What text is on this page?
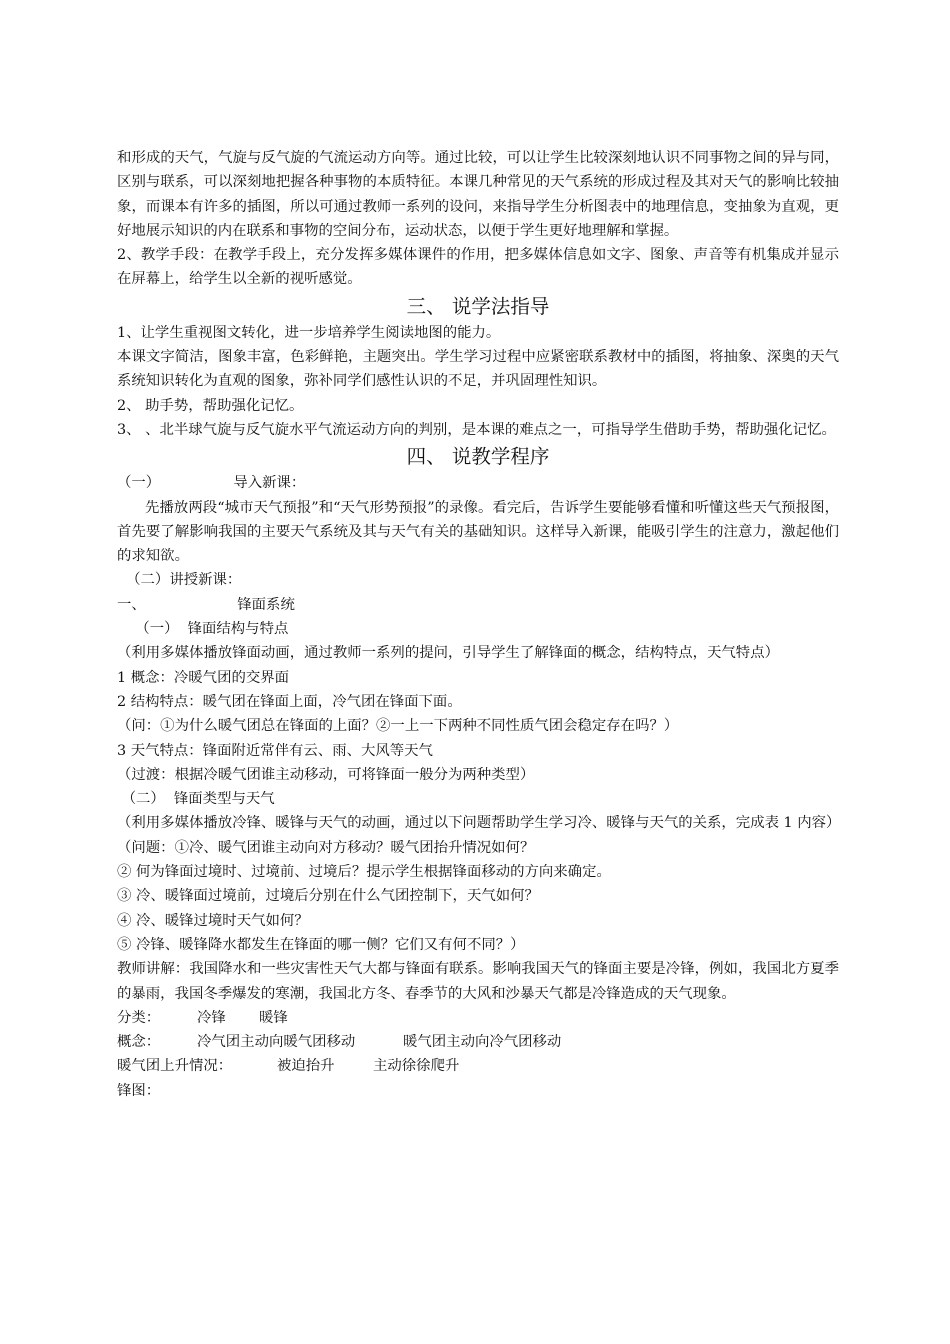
和形成的天气，气旋与反气旋的气流运动方向等。通过比较，可以让学生比较深刻地认识不同事物之间的异与同，区别与联系，可以深刻地把握各种事物的本质特征。本课几种常见的天气系统的形成过程及其对天气的影响比较抽象，而课本有许多的插图，所以可通过教师一系列的设问，来指导学生分析图表中的地理信息，变抽象为直观，更好地展示知识的内在联系和事物的空间分布，运动状态，以便于学生更好地理解和掌握。

2、教学手段：在教学手段上，充分发挥多媒体课件的作用，把多媒体信息如文字、图象、声音等有机集成并显示在屏幕上，给学生以全新的视听感觉。

三、 说学法指导

1、让学生重视图文转化，进一步培养学生阅读地图的能力。

本课文字简洁，图象丰富，色彩鲜艳，主题突出。学生学习过程中应紧密联系教材中的插图，将抽象、深奥的天气系统知识转化为直观的图象，弥补同学们感性认识的不足，并巩固理性知识。

2、 助手势，帮助强化记忆。

3、 、北半球气旋与反气旋水平气流运动方向的判别，是本课的难点之一，可指导学生借助手势，帮助强化记忆。

四、 说教学程序

（一）                导入新课：

先播放两段“城市天气预报”和“天气形势预报”的录像。看完后，告诉学生要能够看懂和听懂这些天气预报图，首先要了解影响我国的主要天气系统及其与天气有关的基础知识。这样导入新课，能吸引学生的注意力，激起他们的求知欲。

（二）讲授新课：

一、                    锋面系统

（一）  锋面结构与特点

（利用多媒体播放锋面动画，通过教师一系列的提问，引导学生了解锋面的概念，结构特点，天气特点）

1 概念：冷暖气团的交界面

2 结构特点：暖气团在锋面上面，冷气团在锋面下面。

（问：①为什么暖气团总在锋面的上面？②一上一下两种不同性质气团会稳定存在吗？）

3 天气特点：锋面附近常伴有云、雨、大风等天气

（过渡：根据冷暖气团谁主动移动，可将锋面一般分为两种类型）

（二）  锋面类型与天气

（利用多媒体播放冷锋、暖锋与天气的动画，通过以下问题帮助学生学习冷、暖锋与天气的关系，完成表 1 内容）

（问题：①冷、暖气团谁主动向对方移动？暖气团抬升情况如何？

② 何为锋面过境时、过境前、过境后？提示学生根据锋面移动的方向来确定。

③ 冷、暖锋面过境前，过境后分别在什么气团控制下，天气如何？

④ 冷、暖锋过境时天气如何？

⑤ 冷锋、暖锋降水都发生在锋面的哪一侧？它们又有何不同？）

教师讲解：我国降水和一些灾害性天气大都与锋面有联系。影响我国天气的锋面主要是冷锋，例如，我国北方夏季的暴雨，我国冬季爆发的寒潮，我国北方冬、春季节的大风和沙暴天气都是冷锋造成的天气现象。

分类：	冷锋	暖锋
概念：	冷气团主动向暖气团移动	暖气团主动向冷气团移动
暖气团上升情况：	被迫抬升	主动徐徐爬升

锋图：
